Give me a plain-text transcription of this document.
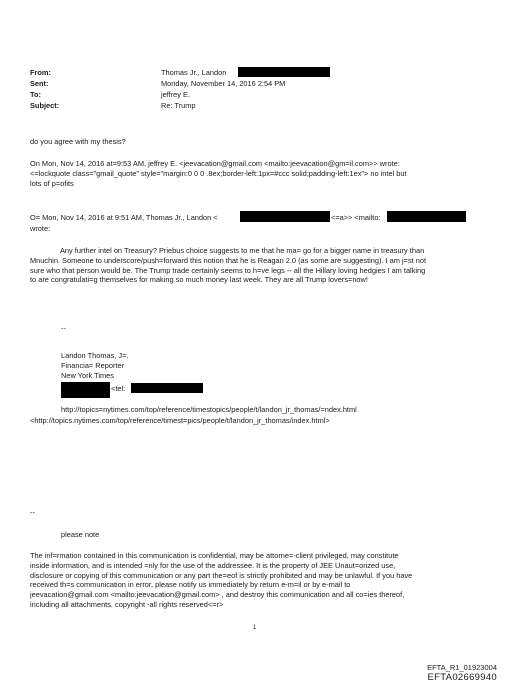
From:	Thomas Jr., Landon
Sent:	Monday, November 14, 2016 2:54 PM
To:	jeffrey E.
Subject:	Re: Trump
do you agree with my thesis?

On Mon, Nov 14, 2016 at=9:53 AM, jeffrey E. <jeevacation@gmail.com <mailto:jeevacation@gm=il.com>> wrote:

<=lockquote class="gmail_quote" style="margin:0 0 0 .8ex;border-left:1px=#ccc solid;padding-left:1ex"> no intel but

lots of p=ofits

O= Mon, Nov 14, 2016 at 9:51 AM, Thomas Jr., Landon <	<=a>> <mailto:
wrote:

Any further intel on Treasury? Priebus choice suggests to me that he ma= go for a bigger name in treasury than

Mnuchin. Someone to underscore/push=forward this notion that he is Reagan 2.0 (as some are suggesting). I am j=st not

sure who that person would be. The Trump trade certainly seems to h=ve legs -- all the Hillary loving hedgies I am talking

to are congratulati=g themselves for making so much money last week. They are all Trump lovers=now!

--

Landon Thomas, J=.

Financia= Reporter

New York Times

<tel:
http://topics=nytimes.com/top/reference/timestopics/people/t/landon_jr_thomas/=ndex.html
<http://topics.nytimes.com/top/reference/timest=pics/people/t/landon_jr_thomas/index.html>
--
please note

The inf=rmation contained in this communication is confidential, may be attorne=-client privileged, may constitute

inside information, and is intended =nly for the use of the addressee. It is the property of JEE Unaut=orized use,

disclosure or copying of this communication or any part the=eof is strictly prohibited and may be unlawful. If you have

received th=s communication in error, please notify us immediately by return e-m=il or by e-mail to

jeevacation@gmail.com <mailto:jeevacation@gmail.com> , and destroy this communication and all co=ies thereof,

including all attachments. copyright -all rights reserved<=r>

1
EFTA_R1_01923004
EFTA02669940
